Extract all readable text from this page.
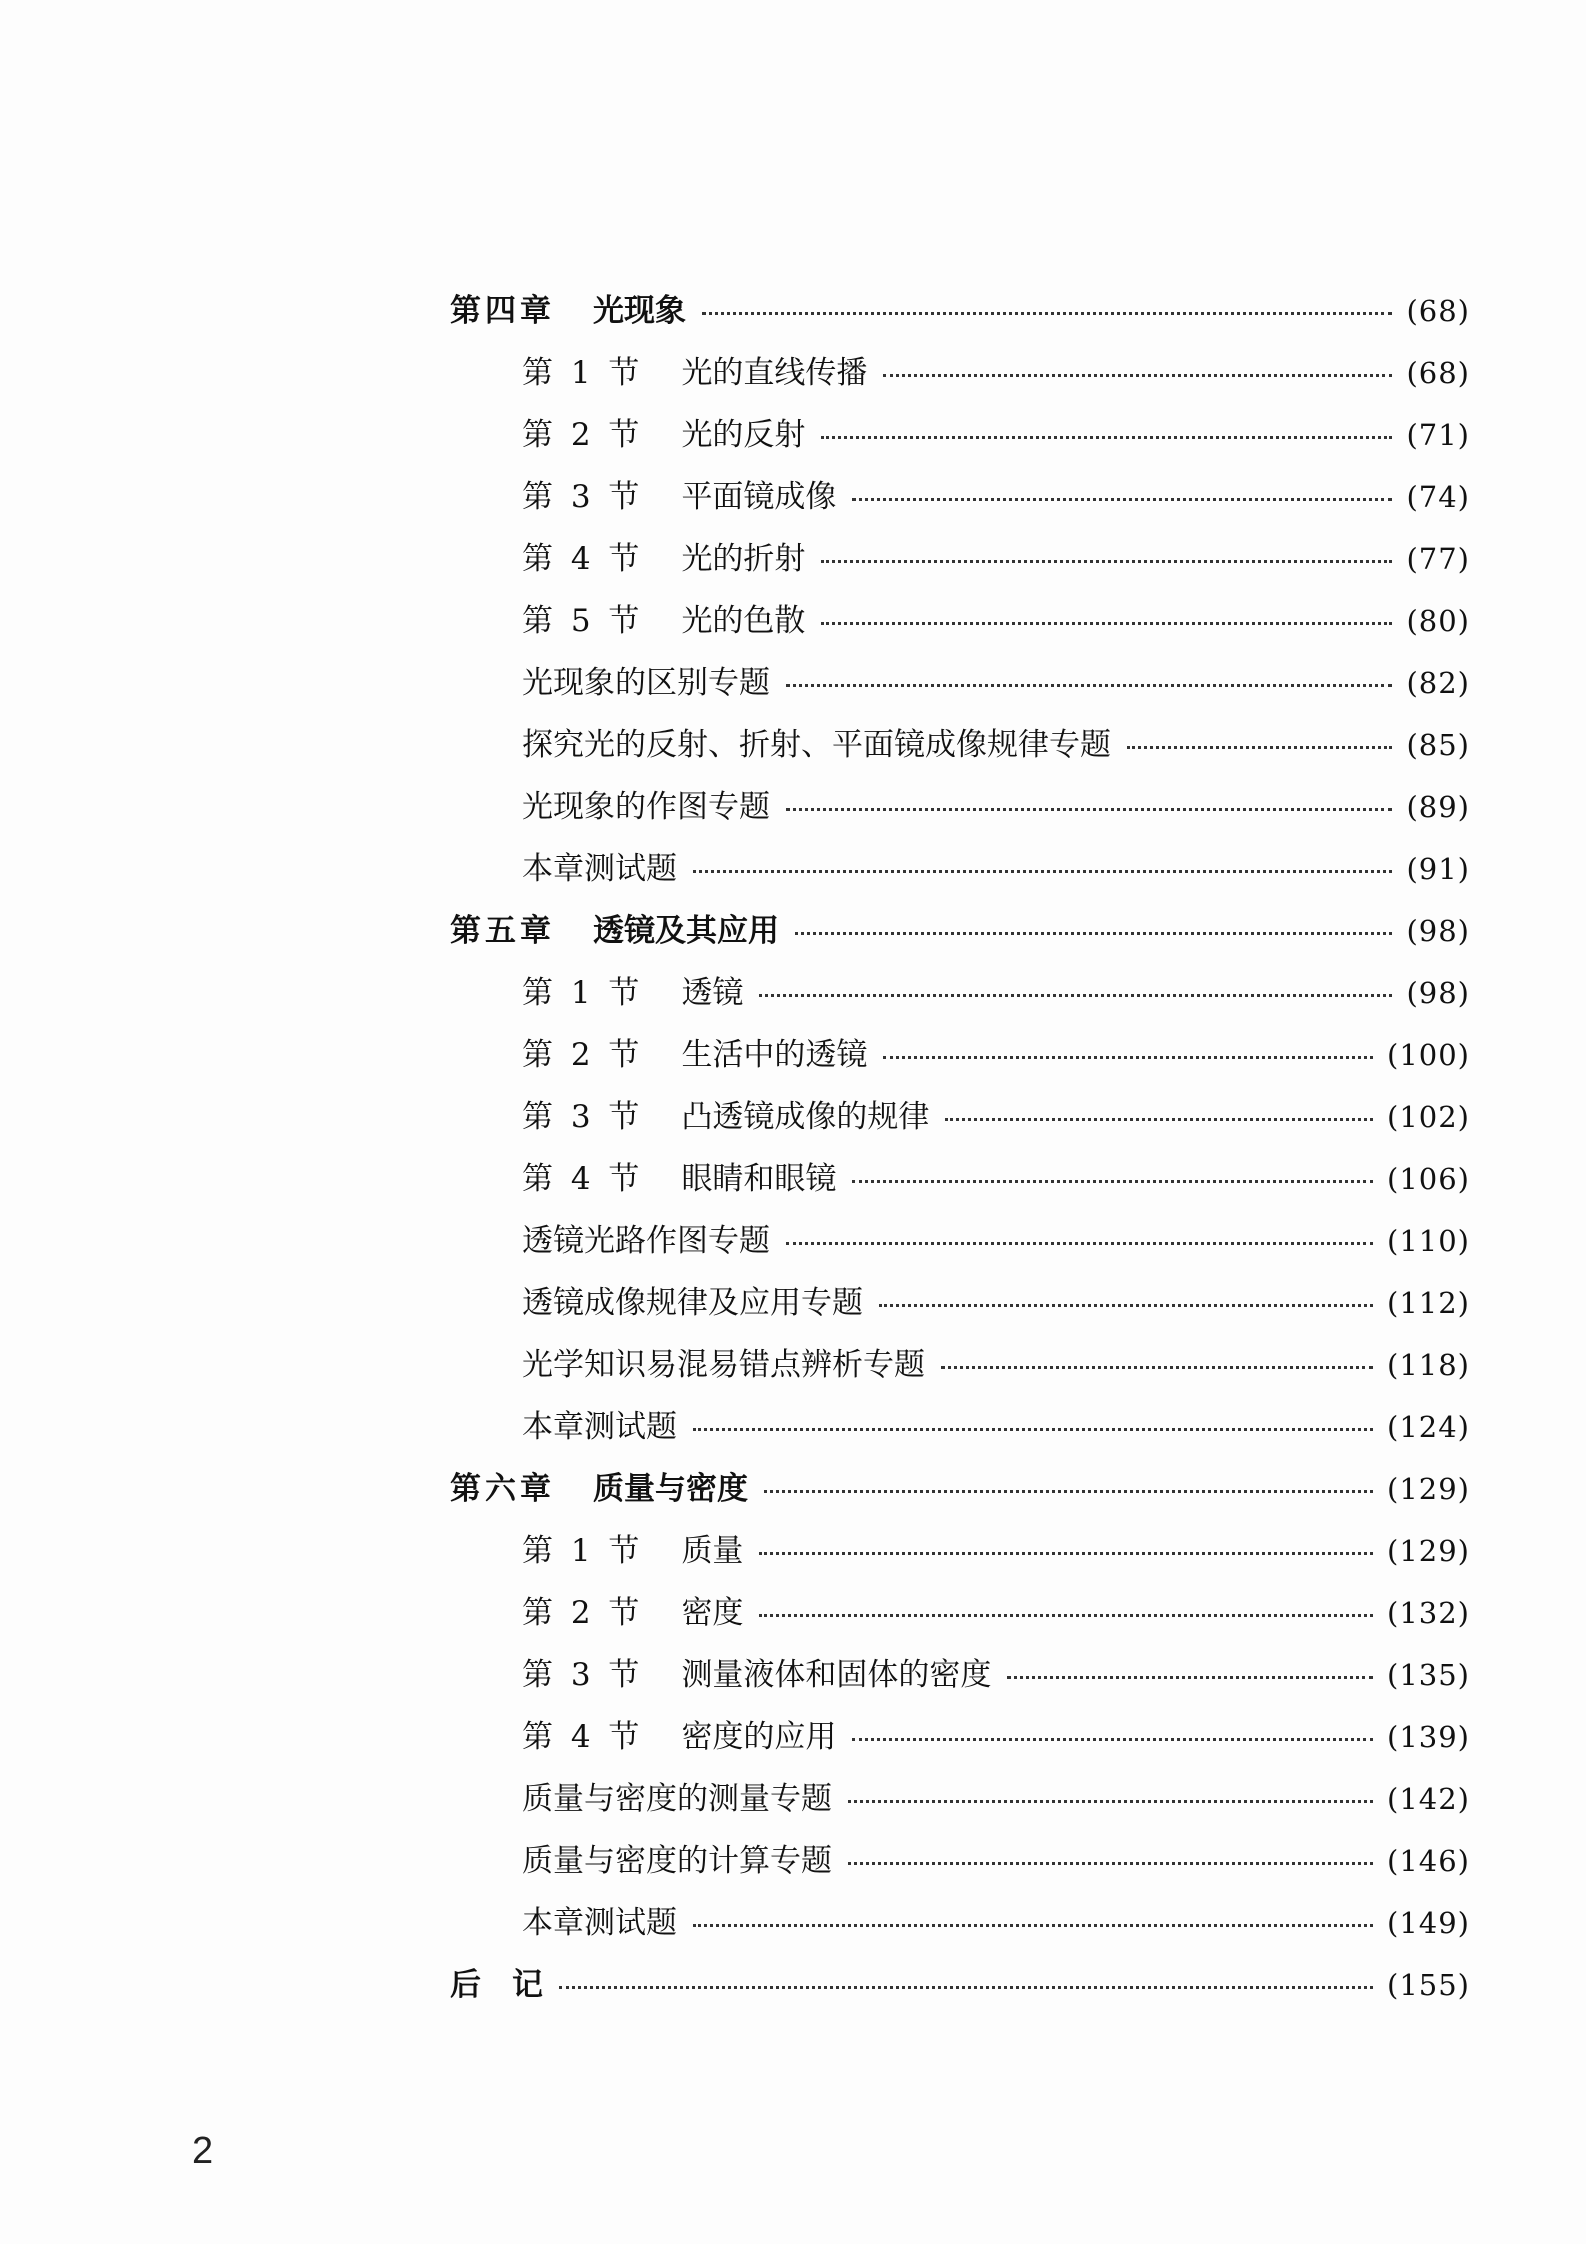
第四章 光现象	(68)
第 1 节 光的直线传播	(68)
第 2 节 光的反射	(71)
第 3 节 平面镜成像	(74)
第 4 节 光的折射	(77)
第 5 节 光的色散	(80)
光现象的区别专题	(82)
探究光的反射、折射、平面镜成像规律专题	(85)
光现象的作图专题	(89)
本章测试题	(91)
第五章 透镜及其应用	(98)
第 1 节 透镜	(98)
第 2 节 生活中的透镜	(100)
第 3 节 凸透镜成像的规律	(102)
第 4 节 眼睛和眼镜	(106)
透镜光路作图专题	(110)
透镜成像规律及应用专题	(112)
光学知识易混易错点辨析专题	(118)
本章测试题	(124)
第六章 质量与密度	(129)
第 1 节 质量	(129)
第 2 节 密度	(132)
第 3 节 测量液体和固体的密度	(135)
第 4 节 密度的应用	(139)
质量与密度的测量专题	(142)
质量与密度的计算专题	(146)
本章测试题	(149)
后　记	(155)
2
